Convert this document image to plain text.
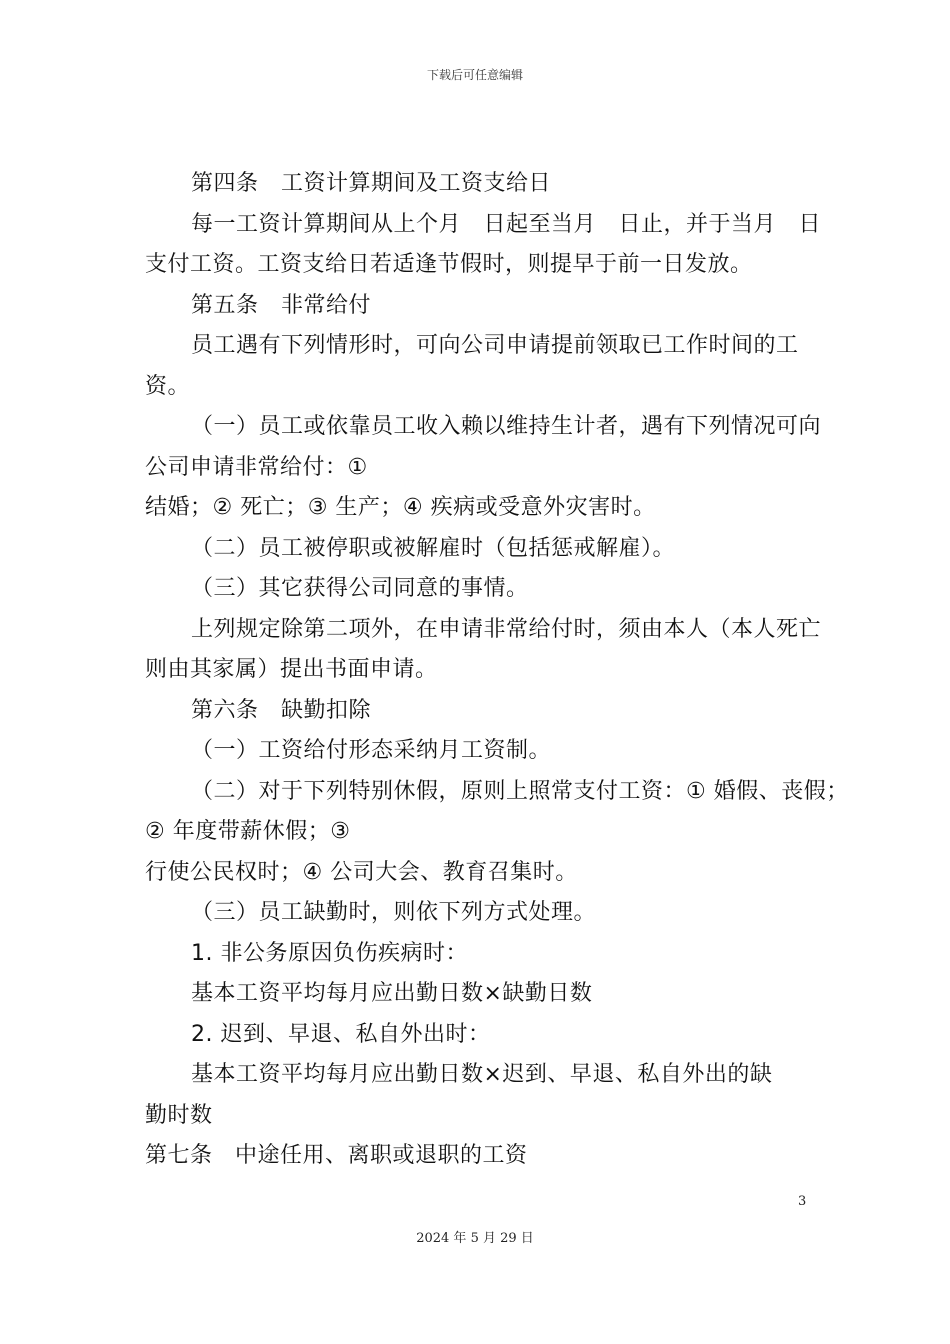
下载后可任意编辑
第四条　工资计算期间及工资支给日
每一工资计算期间从上个月　日起至当月　日止，并于当月　日
支付工资。工资支给日若适逢节假时，则提早于前一日发放。
第五条　非常给付
员工遇有下列情形时，可向公司申请提前领取已工作时间的工
资。
（一）员工或依靠员工收入赖以维持生计者，遇有下列情况可向
公司申请非常给付：①
结婚；② 死亡；③ 生产；④ 疾病或受意外灾害时。
（二）员工被停职或被解雇时（包括惩戒解雇）。
（三）其它获得公司同意的事情。
上列规定除第二项外，在申请非常给付时，须由本人（本人死亡
则由其家属）提出书面申请。
第六条　缺勤扣除
（一）工资给付形态采纳月工资制。
（二）对于下列特别休假，原则上照常支付工资：① 婚假、丧假；
② 年度带薪休假；③
行使公民权时；④ 公司大会、教育召集时。
（三）员工缺勤时，则依下列方式处理。
1. 非公务原因负伤疾病时：
基本工资平均每月应出勤日数×缺勤日数
2. 迟到、早退、私自外出时：
基本工资平均每月应出勤日数×迟到、早退、私自外出的缺
勤时数
第七条　中途任用、离职或退职的工资
3
2024 年 5 月 29 日
